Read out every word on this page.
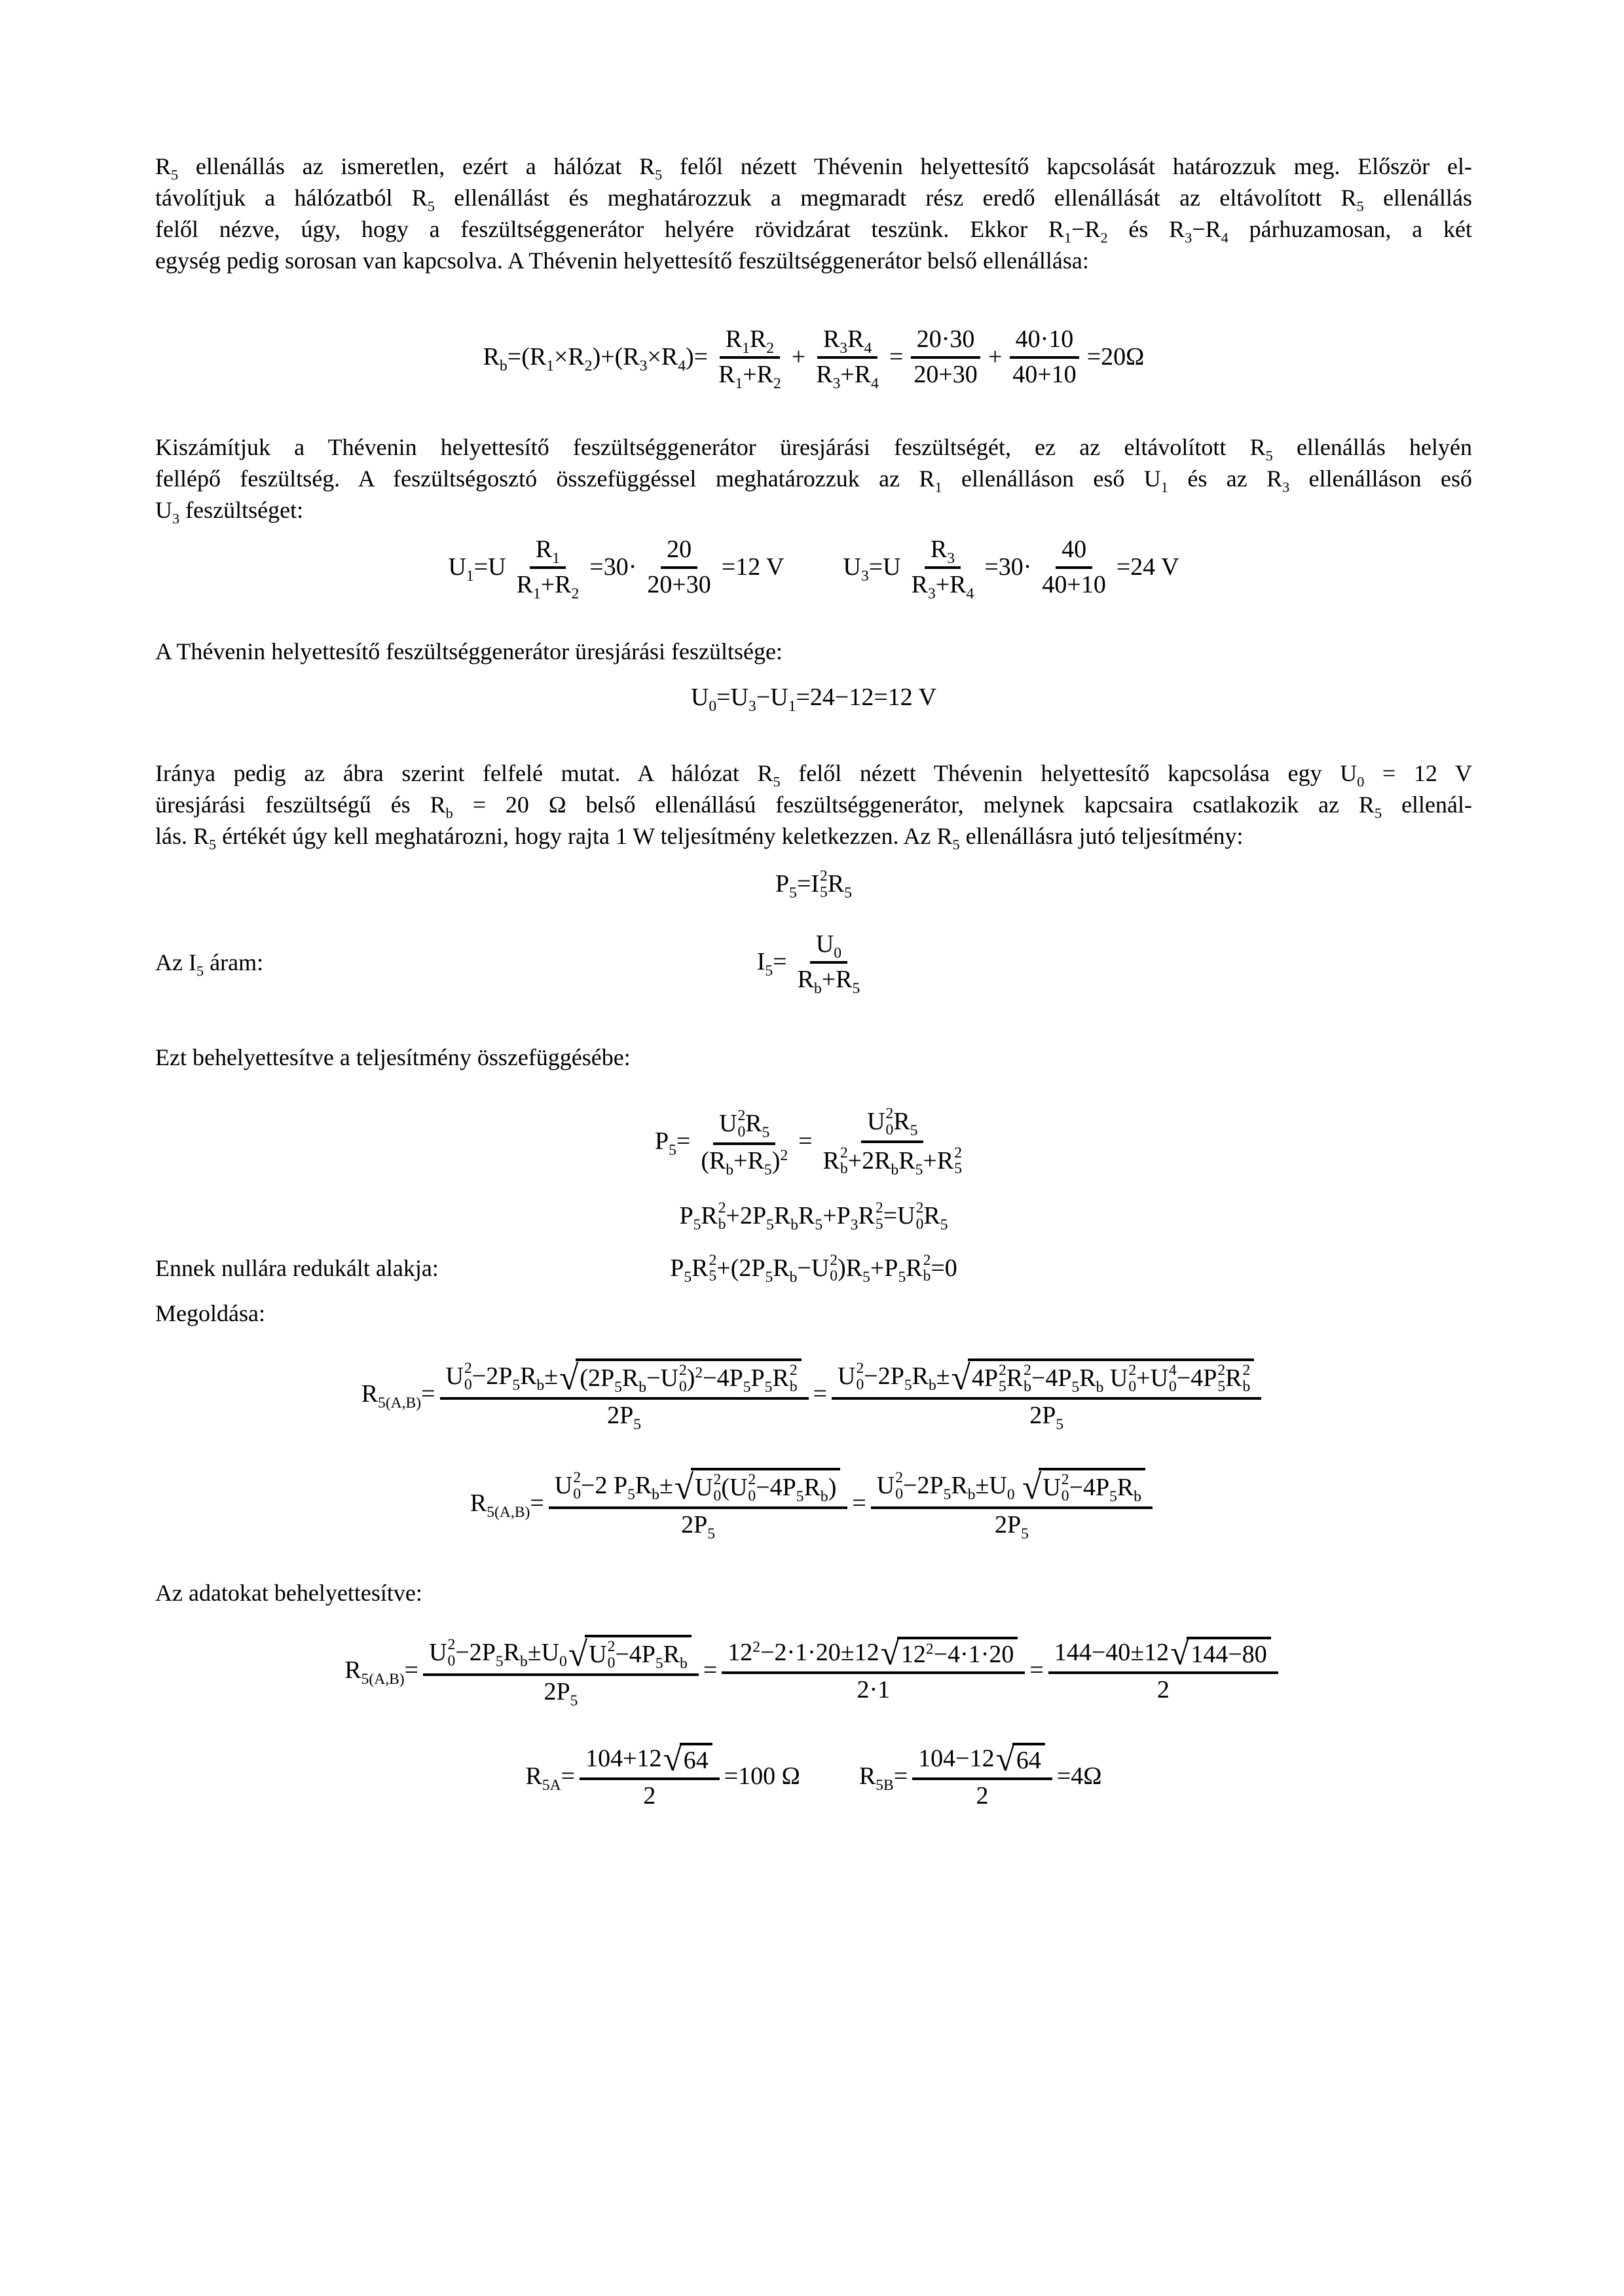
$R_5$ ellenállás az ismeretlen, ezért a hálózat $R_5$ felől nézett Thévenin helyettesítő kapcsolását határozzuk meg. Először el-
távolítjuk a hálózatból $R_5$ ellenállást és meghatározzuk a megmaradt rész eredő ellenállását az eltávolított $R_5$ ellenállás
felől nézve, úgy, hogy a feszültséggenerátor helyére rövidzárat teszünk. Ekkor $R_1-R_2$ és $R_3-R_4$ párhuzamosan, a két
egység pedig sorosan van kapcsolva. A Thévenin helyettesítő feszültséggenerátor belső ellenállása:
$R_b=(R_1\times R_2)+(R_3\times R_4)= \frac{R_1R_2}{R_1+R_2} + \frac{R_3R_4}{R_3+R_4} = \frac{20\cdot 30}{20+30} + \frac{40\cdot 10}{40+10} =20\Omega$
Kiszámítjuk a Thévenin helyettesítő feszültséggenerátor üresjárási feszültségét, ez az eltávolított $R_5$ ellenállás helyén
fellépő feszültség. A feszültségosztó összefüggéssel meghatározzuk az $R_1$ ellenálláson eső $U_1$ és az $R_3$ ellenálláson eső
$U_3$ feszültséget:
$U_1=U \frac{R_1}{R_1+R_2} =30\cdot \frac{20}{20+30} =12$ V $U_3=U \frac{R_3}{R_3+R_4} =30\cdot \frac{40}{40+10} =24$ V
A Thévenin helyettesítő feszültséggenerátor üresjárási feszültsége:
$U_0=U_3-U_1=24-12=12$ V
Iránya pedig az ábra szerint felfelé mutat. A hálózat $R_5$ felől nézett Thévenin helyettesítő kapcsolása egy $U_0 = 12$ V
üresjárási feszültségű és $R_b = 20$ Ω belső ellenállású feszültséggenerátor, melynek kapcsaira csatlakozik az $R_5$ ellenál-
lás. $R_5$ értékét úgy kell meghatározni, hogy rajta 1 W teljesítmény keletkezzen. Az $R_5$ ellenállásra jutó teljesítmény:
$P_5= I$ 2
5 $R_5$
Az $I_5$ áram:	$I_5= \frac{U_0}{R_b+R_5}$
Ezt behelyettesítve a teljesítmény összefüggésébe:
$P_5= U$ 2
0 $R_5$
$(R_b+R_5)^2$ =
U 2
0 $R_5$
R 2
$b +2R_bR_5+ R$ 2
5
$P_5$ R 2
$b +2P_5R_bR_5+P_3$ R 2
5 = U 2
0 $R_5$
Ennek nullára redukált alakja:	$P_5$ R 2
$5 +(2P_5R_b- U$ 2
0 )$R_5+P_5$ R 2
b =0
Megoldása:
$R_{5(A,B)}= U$ 2
$0 -2P_5R_b\pm$ √ ($2P_5R_b- U$ 2
0 )$^2-4P_5P_5$ R 2
b
$2P_5 = U$ 2
$0 -2P_5R_b\pm$ √ 4 P 2
5 R 2
$b -4P_5R_b$ U 2
0 + U 4
0 −4 P 2
5 R 2
b
$2P_5$
$R_{5(A,B)}= U$ 2
0 −2 $P_5R_b\pm$ √ U 2
0 ( U 2
$0 -4P_5R_b$)
$2P_5 = U$ 2
$0 -2P_5R_b\pm U_0$ √ U 2
$0 -4P_5R_b$
$2P_5$
Az adatokat behelyettesítve:
$R_{5(A,B)}= U$ 2
$0 -2P_5R_b\pm U_0$ √ U 2
$0 -4P_5R_b$
$2P_5 = \frac{12^2-2\cdot 1\cdot 20\pm 12 √ 12^2-4\cdot 1\cdot 20}{2\cdot 1} = \frac{144-40\pm 12 √ 144-80}{2}$
$R_{5A}= \frac{104+12 √ 64}{2} =100$ Ω $R_{5B}= \frac{104-12 √ 64}{2} =4\Omega$
